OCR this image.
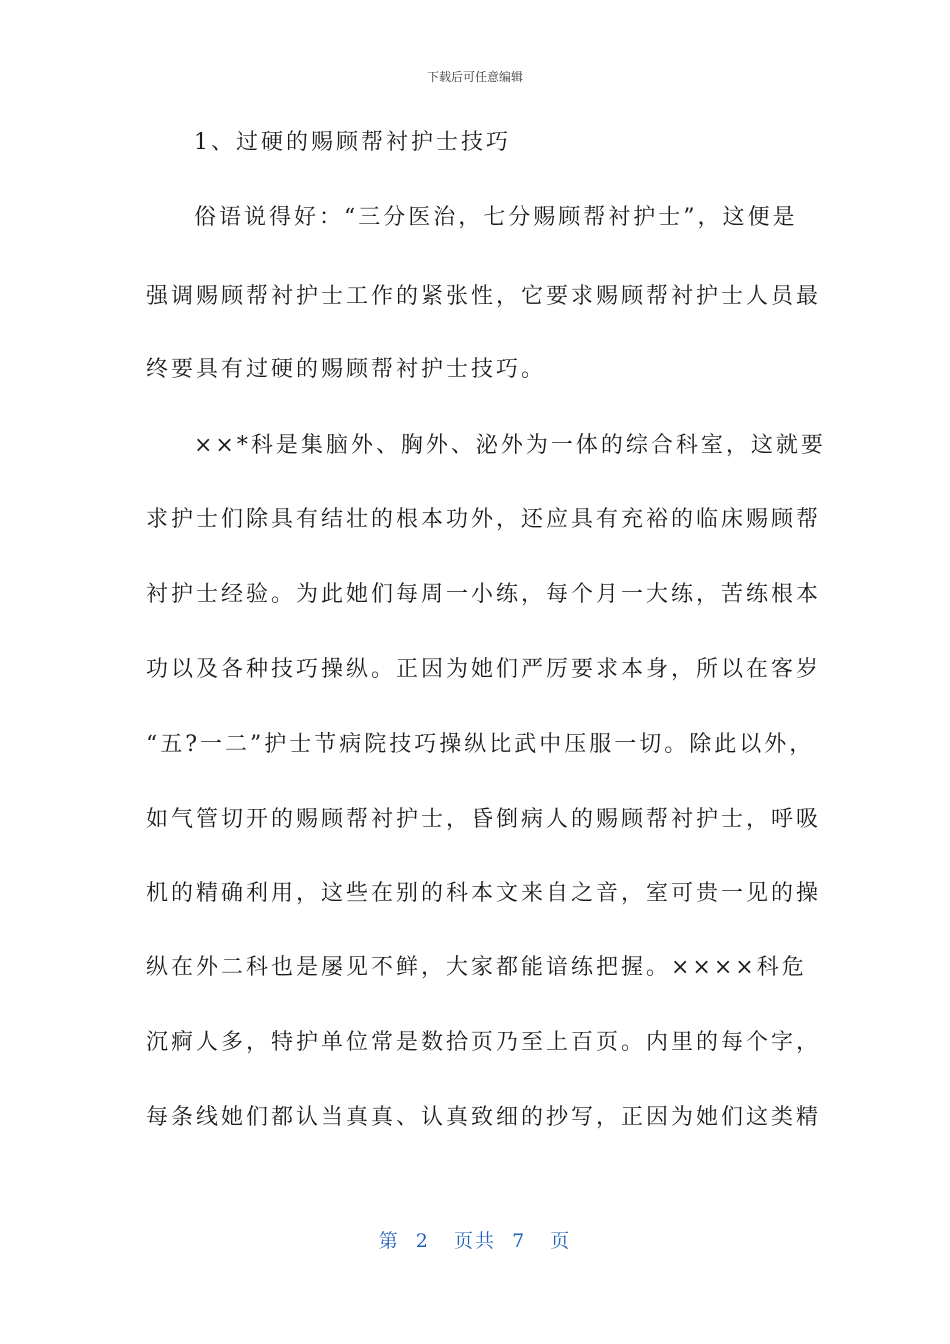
下载后可任意编辑
1、过硬的赐顾帮衬护士技巧
俗语说得好：“三分医治，七分赐顾帮衬护士”，这便是
强调赐顾帮衬护士工作的紧张性，它要求赐顾帮衬护士人员最
终要具有过硬的赐顾帮衬护士技巧。
××*科是集脑外、胸外、泌外为一体的综合科室，这就要
求护士们除具有结壮的根本功外，还应具有充裕的临床赐顾帮
衬护士经验。为此她们每周一小练，每个月一大练，苦练根本
功以及各种技巧操纵。正因为她们严厉要求本身，所以在客岁
“五?一二”护士节病院技巧操纵比武中压服一切。除此以外，
如气管切开的赐顾帮衬护士，昏倒病人的赐顾帮衬护士，呼吸
机的精确利用，这些在别的科本文来自之音，室可贵一见的操
纵在外二科也是屡见不鲜，大家都能谙练把握。××××科危
沉痾人多，特护单位常是数拾页乃至上百页。内里的每个字，
每条线她们都认当真真、认真致细的抄写，正因为她们这类精
第  2   页共  7   页
